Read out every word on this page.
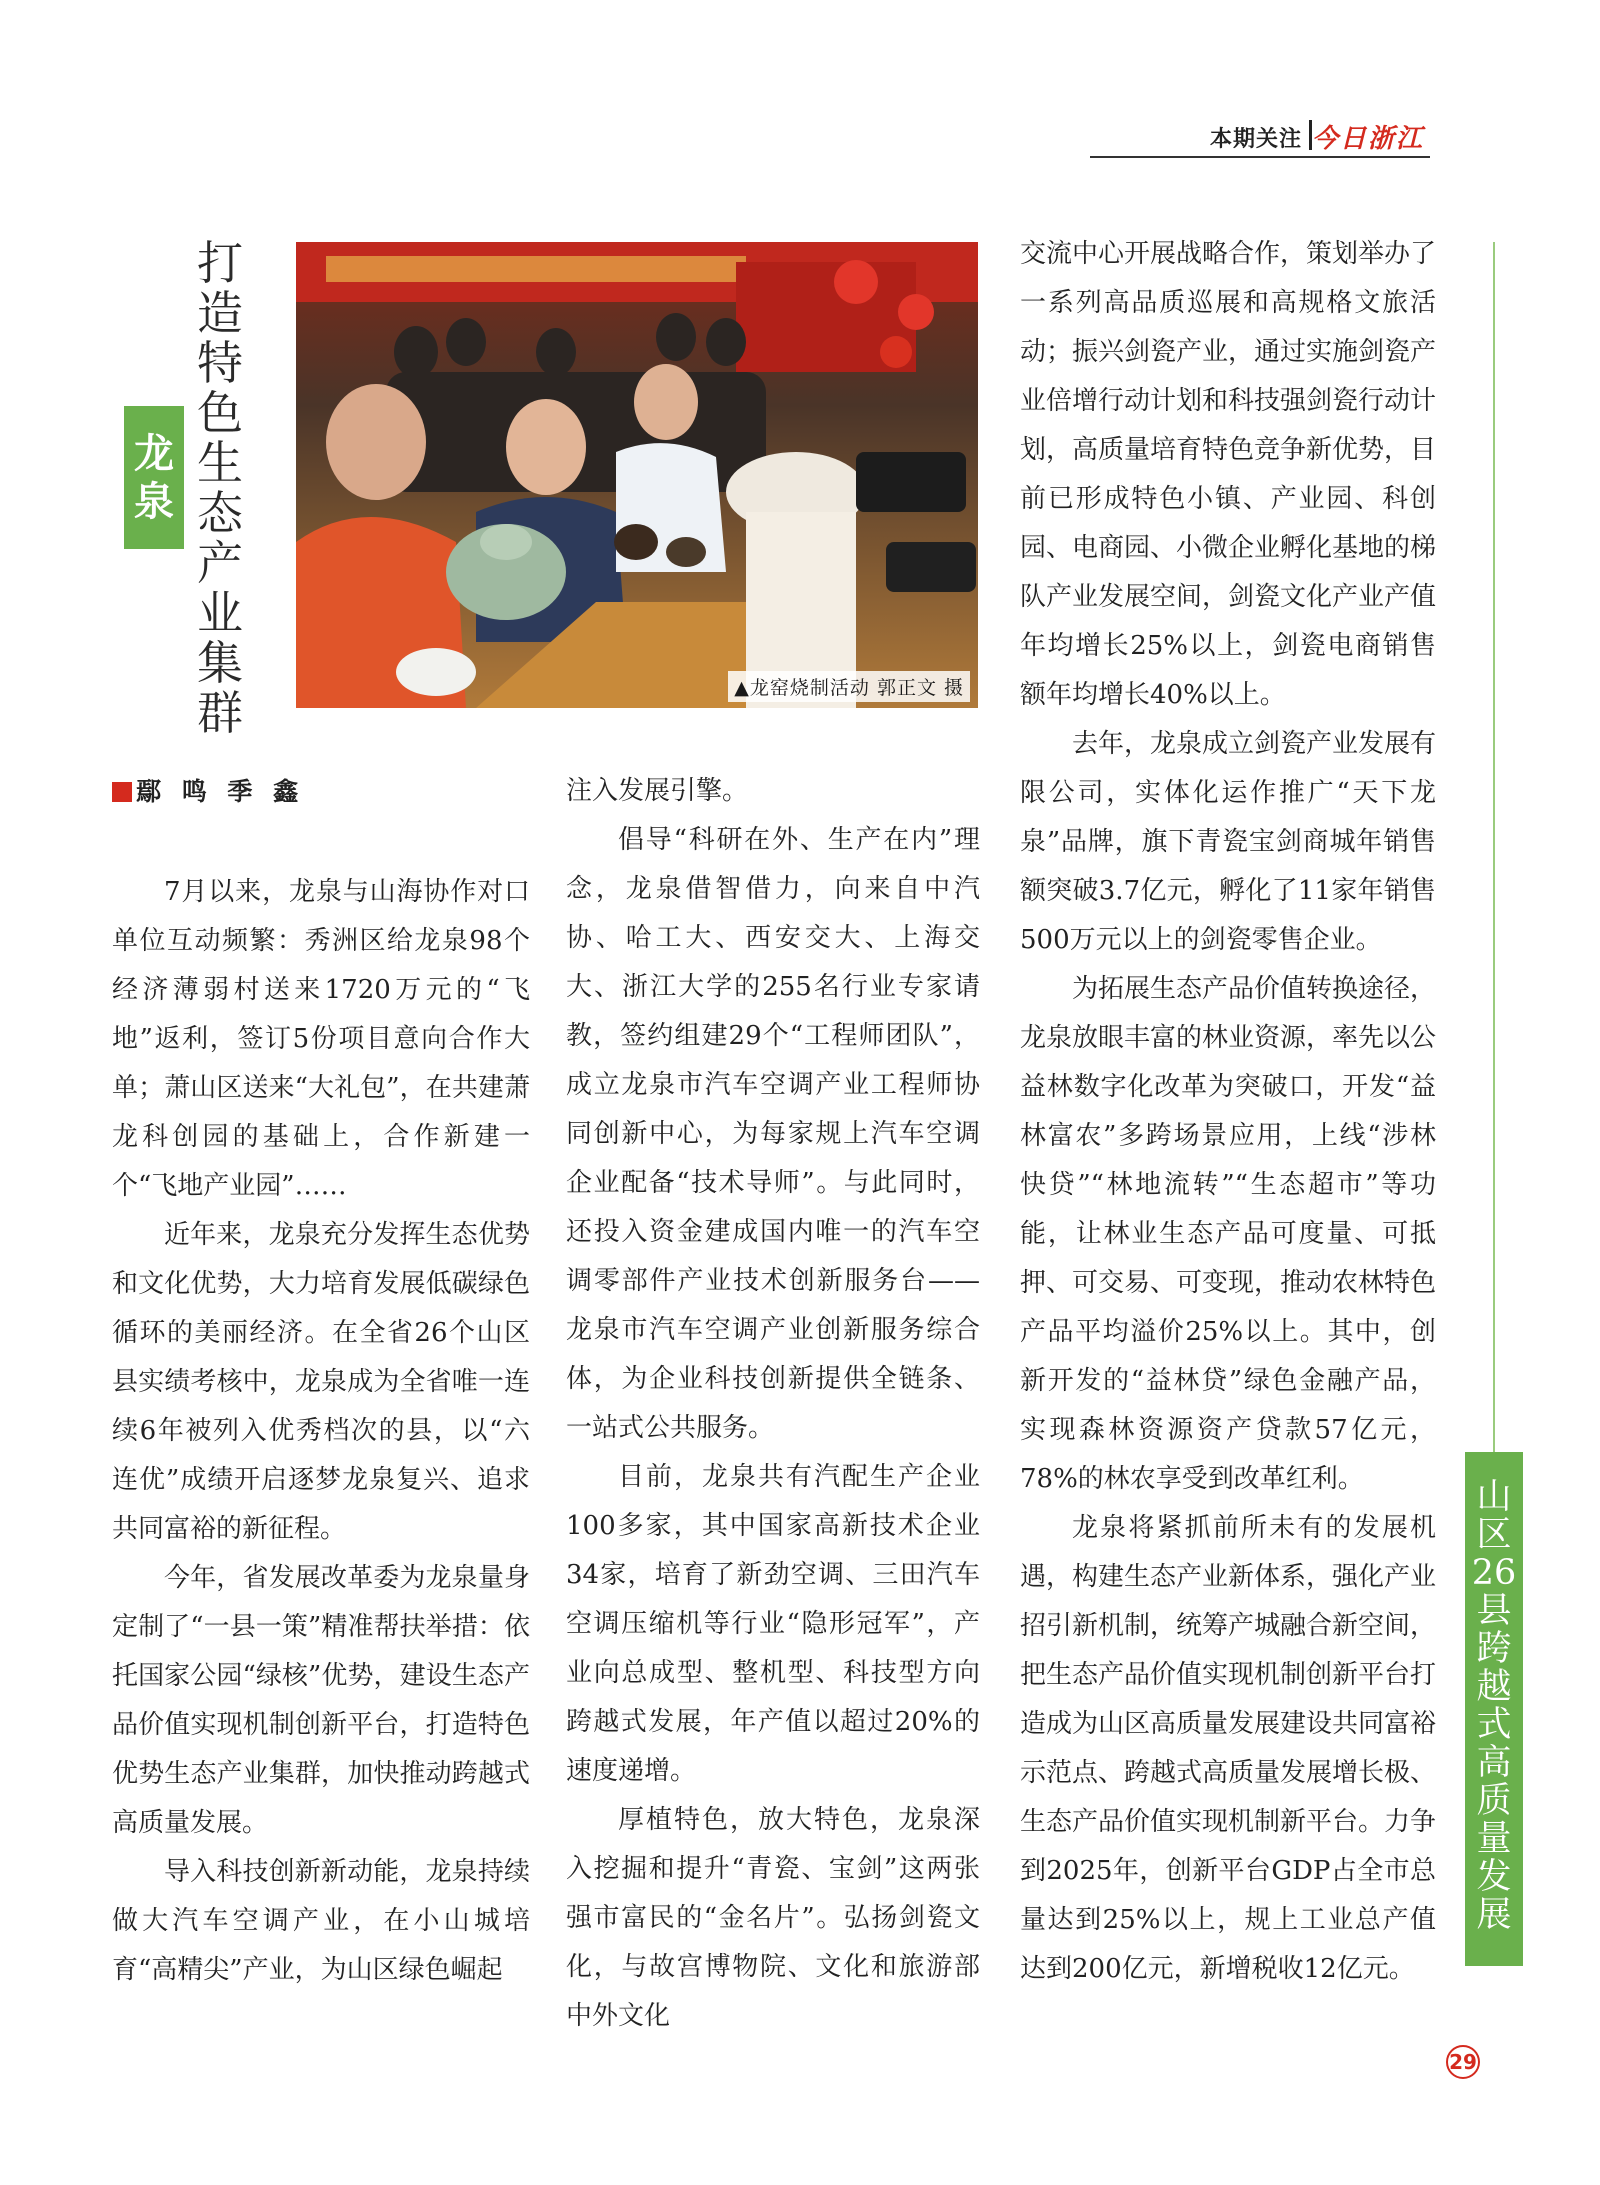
本期关注 今日浙江
打
造
特
色
生
态
产
业
集
群
龙
泉
▲龙窑烧制活动 郭正文 摄
鄢 鸣 季 鑫

7月以来，龙泉与山海协作对口单位互动频繁：秀洲区给龙泉98个经济薄弱村送来1720万元的“飞地”返利，签订5份项目意向合作大单；萧山区送来“大礼包”，在共建萧龙科创园的基础上，合作新建一个“飞地产业园”……

近年来，龙泉充分发挥生态优势和文化优势，大力培育发展低碳绿色循环的美丽经济。在全省26个山区县实绩考核中，龙泉成为全省唯一连续6年被列入优秀档次的县，以“六连优”成绩开启逐梦龙泉复兴、追求共同富裕的新征程。

今年，省发展改革委为龙泉量身定制了“一县一策”精准帮扶举措：依托国家公园“绿核”优势，建设生态产品价值实现机制创新平台，打造特色优势生态产业集群，加快推动跨越式高质量发展。

导入科技创新新动能，龙泉持续做大汽车空调产业，在小山城培育“高精尖”产业，为山区绿色崛起

注入发展引擎。

倡导“科研在外、生产在内”理念，龙泉借智借力，向来自中汽协、哈工大、西安交大、上海交大、浙江大学的255名行业专家请教，签约组建29个“工程师团队”，成立龙泉市汽车空调产业工程师协同创新中心，为每家规上汽车空调企业配备“技术导师”。与此同时，还投入资金建成国内唯一的汽车空调零部件产业技术创新服务台——龙泉市汽车空调产业创新服务综合体，为企业科技创新提供全链条、一站式公共服务。

目前，龙泉共有汽配生产企业100多家，其中国家高新技术企业34家，培育了新劲空调、三田汽车空调压缩机等行业“隐形冠军”，产业向总成型、整机型、科技型方向跨越式发展，年产值以超过20%的速度递增。

厚植特色，放大特色，龙泉深入挖掘和提升“青瓷、宝剑”这两张强市富民的“金名片”。弘扬剑瓷文化，与故宫博物院、文化和旅游部中外文化

交流中心开展战略合作，策划举办了一系列高品质巡展和高规格文旅活动；振兴剑瓷产业，通过实施剑瓷产业倍增行动计划和科技强剑瓷行动计划，高质量培育特色竞争新优势，目前已形成特色小镇、产业园、科创园、电商园、小微企业孵化基地的梯队产业发展空间，剑瓷文化产业产值年均增长25%以上，剑瓷电商销售额年均增长40%以上。

去年，龙泉成立剑瓷产业发展有限公司，实体化运作推广“天下龙泉”品牌，旗下青瓷宝剑商城年销售额突破3.7亿元，孵化了11家年销售500万元以上的剑瓷零售企业。

为拓展生态产品价值转换途径，龙泉放眼丰富的林业资源，率先以公益林数字化改革为突破口，开发“益林富农”多跨场景应用，上线“涉林快贷”“林地流转”“生态超市”等功能，让林业生态产品可度量、可抵押、可交易、可变现，推动农林特色产品平均溢价25%以上。其中，创新开发的“益林贷”绿色金融产品，实现森林资源资产贷款57亿元，78%的林农享受到改革红利。

龙泉将紧抓前所未有的发展机遇，构建生态产业新体系，强化产业招引新机制，统筹产城融合新空间，把生态产品价值实现机制创新平台打造成为山区高质量发展建设共同富裕示范点、跨越式高质量发展增长极、生态产品价值实现机制新平台。力争到2025年，创新平台GDP占全市总量达到25%以上，规上工业总产值达到200亿元，新增税收12亿元。

山
区
26
县
跨
越
式
高
质
量
发
展
29
